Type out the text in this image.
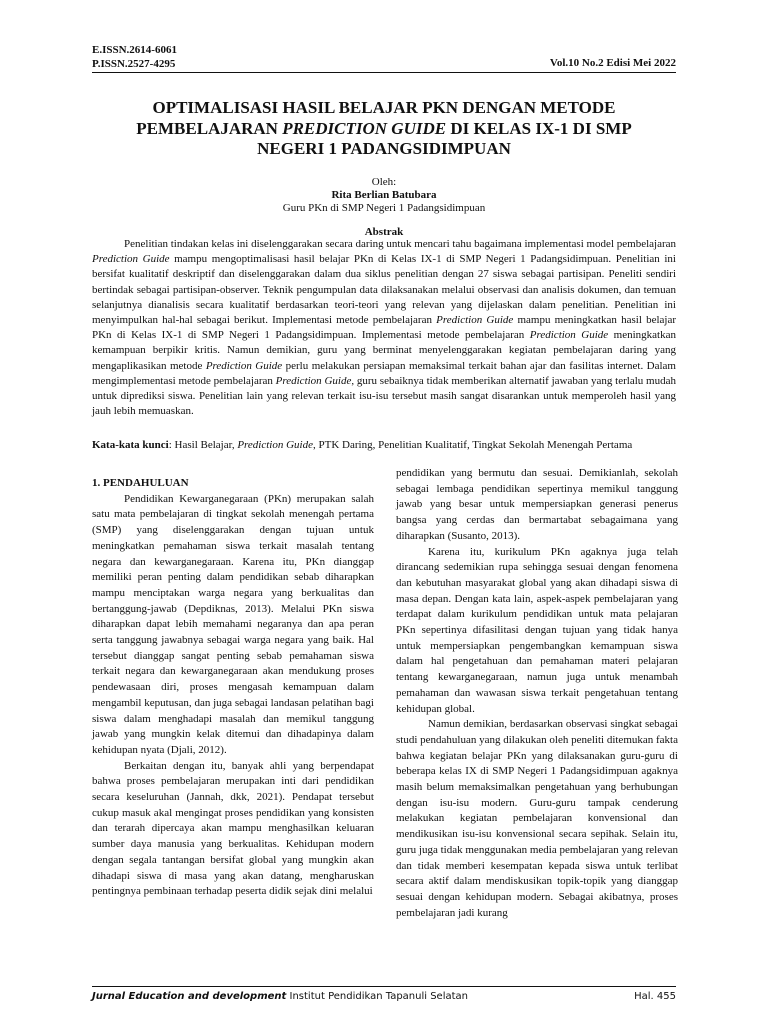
E.ISSN.2614-6061
P.ISSN.2527-4295	Vol.10 No.2 Edisi Mei 2022
OPTIMALISASI HASIL BELAJAR PKN DENGAN METODE
PEMBELAJARAN PREDICTION GUIDE DI KELAS IX-1 DI SMP
NEGERI 1 PADANGSIDIMPUAN
Oleh:
Rita Berlian Batubara
Guru PKn di SMP Negeri 1 Padangsidimpuan
Abstrak

Penelitian tindakan kelas ini diselenggarakan secara daring untuk mencari tahu bagaimana implementasi model pembelajaran Prediction Guide mampu mengoptimalisasi hasil belajar PKn di Kelas IX-1 di SMP Negeri 1 Padangsidimpuan. Penelitian ini bersifat kualitatif deskriptif dan diselenggarakan dalam dua siklus penelitian dengan 27 siswa sebagai partisipan. Peneliti sendiri bertindak sebagai partisipan-observer. Teknik pengumpulan data dilaksanakan melalui observasi dan analisis dokumen, dan temuan selanjutnya dianalisis secara kualitatif berdasarkan teori-teori yang relevan yang dijelaskan dalam penelitian. Penelitian ini menyimpulkan hal-hal sebagai berikut. Implementasi metode pembelajaran Prediction Guide mampu meningkatkan hasil belajar PKn di Kelas IX-1 di SMP Negeri 1 Padangsidimpuan. Implementasi metode pembelajaran Prediction Guide meningkatkan kemampuan berpikir kritis. Namun demikian, guru yang berminat menyelenggarakan kegiatan pembelajaran daring yang mengaplikasikan metode Prediction Guide perlu melakukan persiapan memaksimal terkait bahan ajar dan fasilitas internet. Dalam mengimplementasi metode pembelajaran Prediction Guide, guru sebaiknya tidak memberikan alternatif jawaban yang terlalu mudah untuk diprediksi siswa. Penelitian lain yang relevan terkait isu-isu tersebut masih sangat disarankan untuk memperoleh hasil yang jauh lebih memuaskan.

Kata-kata kunci: Hasil Belajar, Prediction Guide, PTK Daring, Penelitian Kualitatif, Tingkat Sekolah Menengah Pertama

1. PENDAHULUAN

Pendidikan Kewarganegaraan (PKn) merupakan salah satu mata pembelajaran di tingkat sekolah menengah pertama (SMP) yang diselenggarakan dengan tujuan untuk meningkatkan pemahaman siswa terkait masalah tentang negara dan kewarganegaraan. Karena itu, PKn dianggap memiliki peran penting dalam pendidikan sebab diharapkan mampu menciptakan warga negara yang berkualitas dan bertanggung-jawab (Depdiknas, 2013). Melalui PKn siswa diharapkan dapat lebih memahami negaranya dan apa peran serta tanggung jawabnya sebagai warga negara yang baik. Hal tersebut dianggap sangat penting sebab pemahaman siswa terkait negara dan kewarganegaraan akan mendukung proses pendewasaan diri, proses mengasah kemampuan dalam mengambil keputusan, dan juga sebagai landasan pelatihan bagi siswa dalam menghadapi masalah dan memikul tanggung jawab yang mungkin kelak ditemui dan dihadapinya dalam kehidupan nyata (Djali, 2012).

Berkaitan dengan itu, banyak ahli yang berpendapat bahwa proses pembelajaran merupakan inti dari pendidikan secara keseluruhan (Jannah, dkk, 2021). Pendapat tersebut cukup masuk akal mengingat proses pendidikan yang konsisten dan terarah dipercaya akan mampu menghasilkan keluaran sumber daya manusia yang berkualitas. Kehidupan modern dengan segala tantangan bersifat global yang mungkin akan dihadapi siswa di masa yang akan datang, mengharuskan pentingnya pembinaan terhadap peserta didik sejak dini melalui

pendidikan yang bermutu dan sesuai. Demikianlah, sekolah sebagai lembaga pendidikan sepertinya memikul tanggung jawab yang besar untuk mempersiapkan generasi penerus bangsa yang cerdas dan bermartabat sebagaimana yang diharapkan (Susanto, 2013).

Karena itu, kurikulum PKn agaknya juga telah dirancang sedemikian rupa sehingga sesuai dengan fenomena dan kebutuhan masyarakat global yang akan dihadapi siswa di masa depan. Dengan kata lain, aspek-aspek pembelajaran yang terdapat dalam kurikulum pendidikan untuk mata pelajaran PKn sepertinya difasilitasi dengan tujuan yang tidak hanya untuk mempersiapkan pengembangkan kemampuan siswa dalam hal pengetahuan dan pemahaman materi pelajaran tentang kewarganegaraan, namun juga untuk menambah pemahaman dan wawasan siswa terkait pengetahuan tentang kehidupan global.

Namun demikian, berdasarkan observasi singkat sebagai studi pendahuluan yang dilakukan oleh peneliti ditemukan fakta bahwa kegiatan belajar PKn yang dilaksanakan guru-guru di beberapa kelas IX di SMP Negeri 1 Padangsidimpuan agaknya masih belum memaksimalkan pengetahuan yang berhubungan dengan isu-isu modern. Guru-guru tampak cenderung melakukan kegiatan pembelajaran konvensional dan mendikusikan isu-isu konvensional secara sepihak. Selain itu, guru juga tidak menggunakan media pembelajaran yang relevan dan tidak memberi kesempatan kepada siswa untuk terlibat secara aktif dalam mendiskusikan topik-topik yang dianggap sesuai dengan kehidupan modern. Sebagai akibatnya, proses pembelajaran jadi kurang

Jurnal Education and development Institut Pendidikan Tapanuli Selatan	Hal. 455
